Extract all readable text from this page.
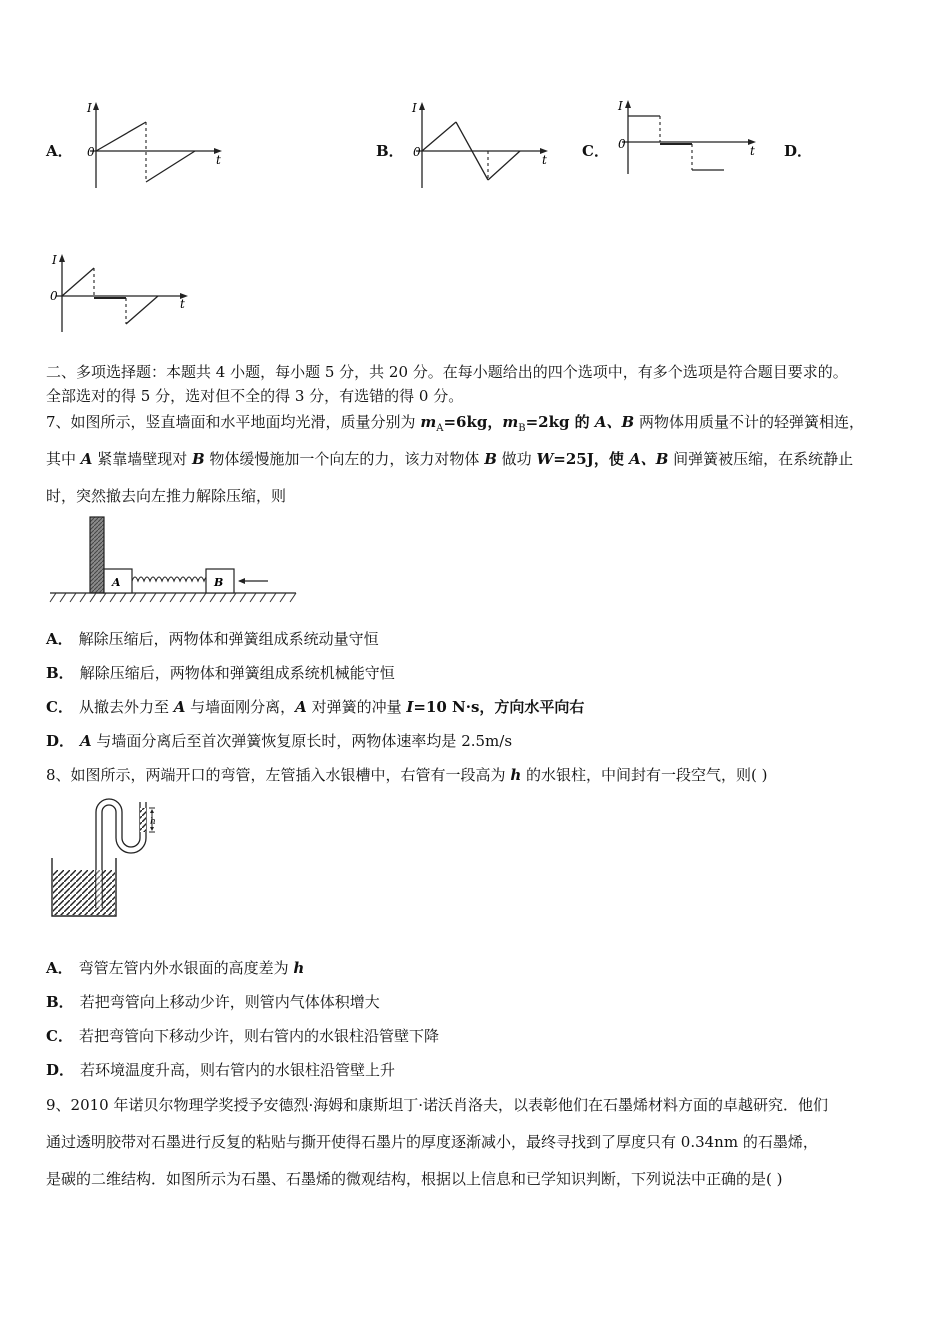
A．
I
0
t	B．
I
0
t C．
I
0	t D．
I
0
t
二、多项选择题：本题共 4 小题，每小题 5 分，共 20 分。在每小题给出的四个选项中，有多个选项是符合题目要求的。
全部选对的得 5 分，选对但不全的得 3 分，有选错的得 0 分。
7、如图所示，竖直墙面和水平地面均光滑，质量分别为 $m_A=6kg$，$m_B=2kg$ 的 A、B 两物体用质量不计的轻弹簧相连，
其中 A 紧靠墙壁现对 B 物体缓慢施加一个向左的力，该力对物体 B 做功 W=25J，使 A、B 间弹簧被压缩，在系统静止
时，突然撤去向左推力解除压缩，则
A	B
A． 解除压缩后，两物体和弹簧组成系统动量守恒
B． 解除压缩后，两物体和弹簧组成系统机械能守恒
C． 从撤去外力至 A 与墙面刚分离，A 对弹簧的冲量 I=10 N·s，方向水平向右
D． A 与墙面分离后至首次弹簧恢复原长时，两物体速率均是 2.5m/s
8、如图所示，两端开口的弯管，左管插入水银槽中，右管有一段高为 h 的水银柱，中间封有一段空气，则( )
h
A． 弯管左管内外水银面的高度差为 h
B． 若把弯管向上移动少许，则管内气体体积增大
C． 若把弯管向下移动少许，则右管内的水银柱沿管壁下降
D． 若环境温度升高，则右管内的水银柱沿管壁上升
9、2010 年诺贝尔物理学奖授予安德烈·海姆和康斯坦丁·诺沃肖洛夫，以表彰他们在石墨烯材料方面的卓越研究．他们
通过透明胶带对石墨进行反复的粘贴与撕开使得石墨片的厚度逐渐减小，最终寻找到了厚度只有 0.34nm 的石墨烯，
是碳的二维结构．如图所示为石墨、石墨烯的微观结构，根据以上信息和已学知识判断，下列说法中正确的是( )
